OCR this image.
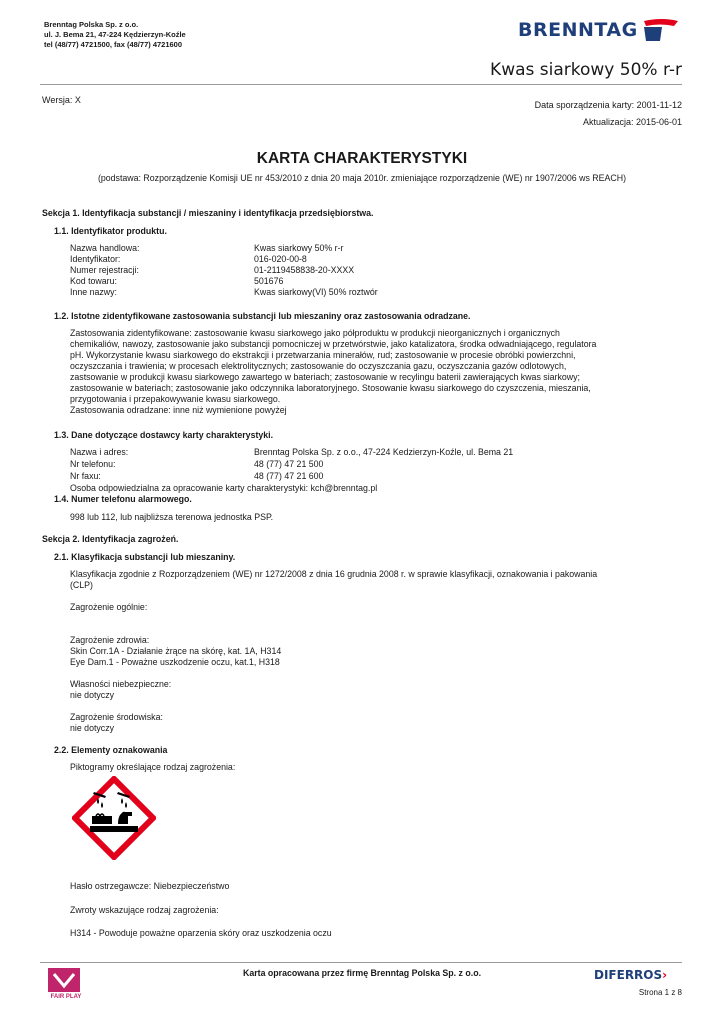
Brenntag Polska Sp. z o.o.
ul. J. Bema 21, 47-224 Kędzierzyn-Koźle
tel (48/77) 4721500, fax (48/77) 4721600
BRENNTAG
Kwas siarkowy 50% r-r
Wersja: X	Data sporządzenia karty: 2001-11-12
Aktualizacja: 2015-06-01
KARTA CHARAKTERYSTYKI
(podstawa: Rozporządzenie Komisji UE nr 453/2010 z dnia 20 maja 2010r. zmieniające rozporządzenie (WE) nr 1907/2006 ws REACH)
Sekcja 1. Identyfikacja substancji / mieszaniny i identyfikacja przedsiębiorstwa.
1.1. Identyfikator produktu.
Nazwa handlowa:	Kwas siarkowy 50% r-r
Identyfikator:	016-020-00-8
Numer rejestracji:	01-2119458838-20-XXXX
Kod towaru:	501676
Inne nazwy:	Kwas siarkowy(VI) 50% roztwór
1.2. Istotne zidentyfikowane zastosowania substancji lub mieszaniny oraz zastosowania odradzane.
Zastosowania zidentyfikowane: zastosowanie kwasu siarkowego jako półproduktu w produkcji nieorganicznych i organicznych
chemikaliów, nawozy, zastosowanie jako substancji pomocniczej w przetwórstwie, jako katalizatora, środka odwadniającego, regulatora
pH. Wykorzystanie kwasu siarkowego do ekstrakcji i przetwarzania minerałów, rud; zastosowanie w procesie obróbki powierzchni,
oczyszczania i trawienia; w procesach elektrolitycznych; zastosowanie do oczyszczania gazu, oczyszczania gazów odlotowych,
zastsowanie w produkcji kwasu siarkowego zawartego w bateriach; zastosowanie w recylingu baterii zawierających kwas siarkowy;
zastosowanie w bateriach; zastosowanie jako odczynnika laboratoryjnego. Stosowanie kwasu siarkowego do czyszczenia, mieszania,
przygotowania i przepakowywanie kwasu siarkowego.
Zastosowania odradzane: inne niż wymienione powyżej
1.3. Dane dotyczące dostawcy karty charakterystyki.
Nazwa i adres:	Brenntag Polska Sp. z o.o., 47-224 Kedzierzyn-Koźle, ul. Bema 21
Nr telefonu:	48 (77) 47 21 500
Nr faxu:	48 (77) 47 21 600
Osoba odpowiedzialna za opracowanie karty charakterystyki: kch@brenntag.pl
1.4. Numer telefonu alarmowego.
998 lub 112, lub najbliższa terenowa jednostka PSP.
Sekcja 2. Identyfikacja zagrożeń.
2.1. Klasyfikacja substancji lub mieszaniny.
Klasyfikacja zgodnie z Rozporządzeniem (WE) nr 1272/2008 z dnia 16 grudnia 2008 r. w sprawie klasyfikacji, oznakowania i pakowania
(CLP)
Zagrożenie ogólnie:
Zagrożenie zdrowia:
Skin Corr.1A - Działanie żrące na skórę, kat. 1A, H314
Eye Dam.1 - Poważne uszkodzenie oczu, kat.1, H318
Własności niebezpieczne:
nie dotyczy
Zagrożenie środowiska:
nie dotyczy
2.2. Elementy oznakowania
Piktogramy określające rodzaj zagrożenia:
Hasło ostrzegawcze: Niebezpieczeństwo
Zwroty wskazujące rodzaj zagrożenia:
H314 - Powoduje poważne oparzenia skóry oraz uszkodzenia oczu
FAIR PLAY
Karta opracowana przez firmę Brenntag Polska Sp. z o.o.	DIFERROS›
Strona 1 z 8
